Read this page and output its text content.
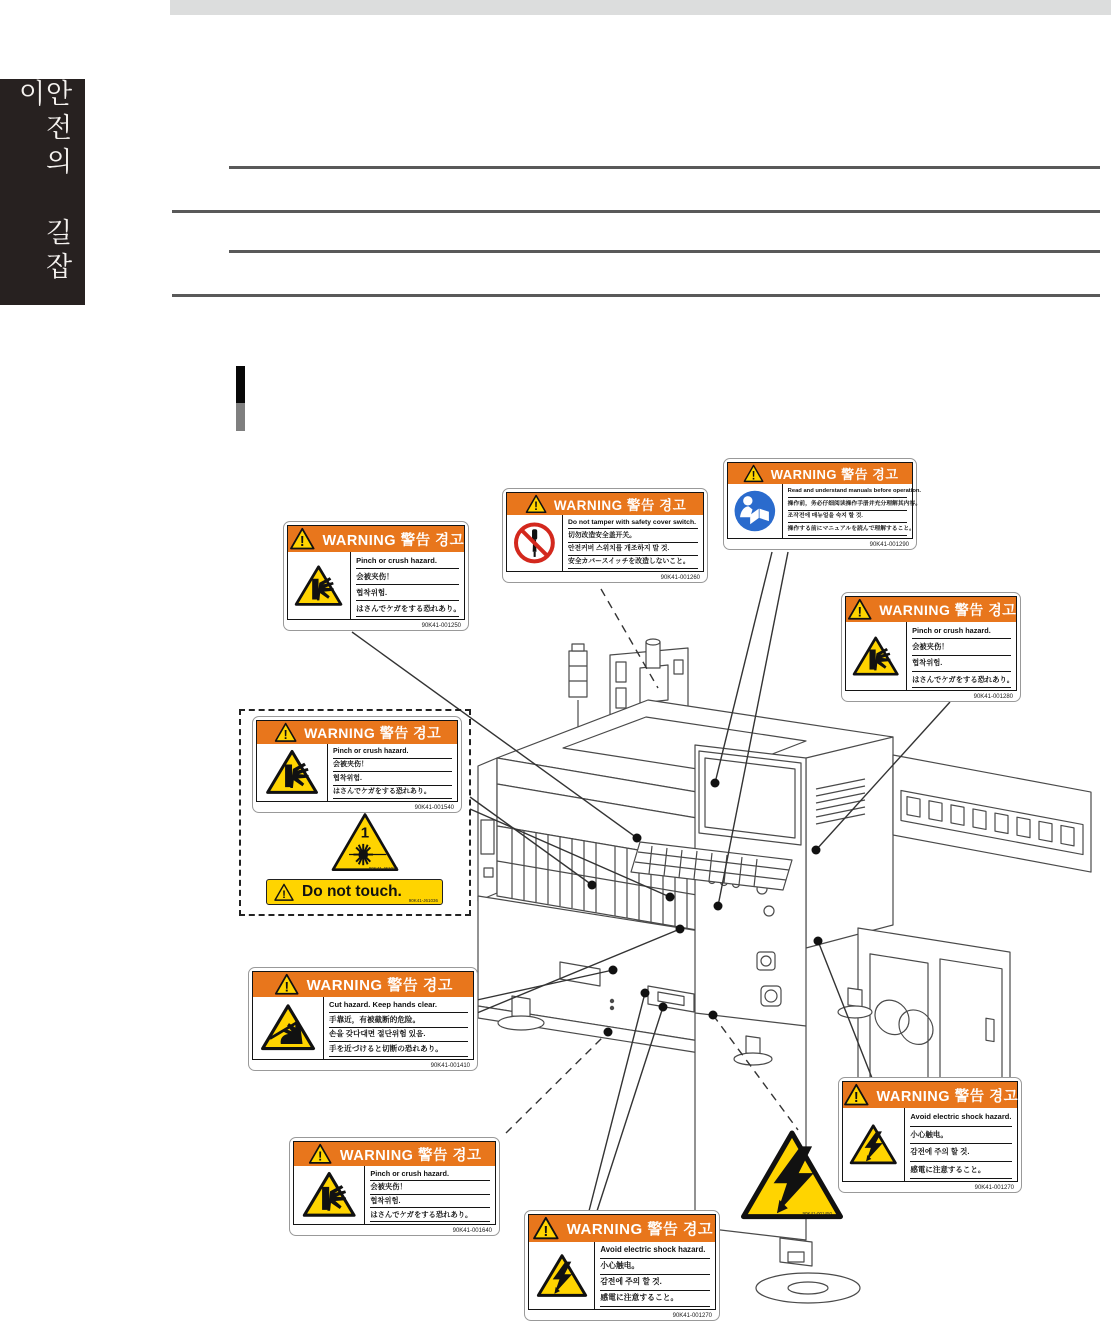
안전의 길잡이
WARNING 警告 경고
Pinch or crush hazard.
会被夹伤！
협착위험.
はさんでケガをする恐れあり。
90K41-001250
WARNING 警告 경고
Do not tamper with safety cover switch.
切勿改造安全盖开关。
안전커버 스위치를 개조하지 말 것.
安全カバースイッチを改造しないこと。
90K41-001260
WARNING 警告 경고
Read and understand manuals before operation.
操作前，务必仔细阅读操作手册并充分理解其内容。
조작전에 매뉴얼을 숙지 할 것.
操作する前にマニュアルを読んで理解すること。
90K41-001290
WARNING 警告 경고
Pinch or crush hazard.
会被夹伤！
협착위험.
はさんでケガをする恐れあり。
90K41-001280
WARNING 警告 경고
Pinch or crush hazard.
会被夹伤！
협착위험.
はさんでケガをする恐れあり。
90K41-001540
1
90K41-J61026
Do not touch.
90K41-J61036
WARNING 警告 경고
Cut hazard. Keep hands clear.
手靠近，有被截断的危险。
손을 갖다대면 절단위험 있음.
手を近づけると切断の恐れあり。
90K41-001410
WARNING 警告 경고
Pinch or crush hazard.
会被夹伤！
협착위험.
はさんでケガをする恐れあり。
90K41-001640
WARNING 警告 경고
Avoid electric shock hazard.
小心触电。
감전에 주의 할 것.
感電に注意すること。
90K41-001270
WARNING 警告 경고
Avoid electric shock hazard.
小心触电。
감전에 주의 할 것.
感電に注意すること。
90K41-001270
90K41-001450
